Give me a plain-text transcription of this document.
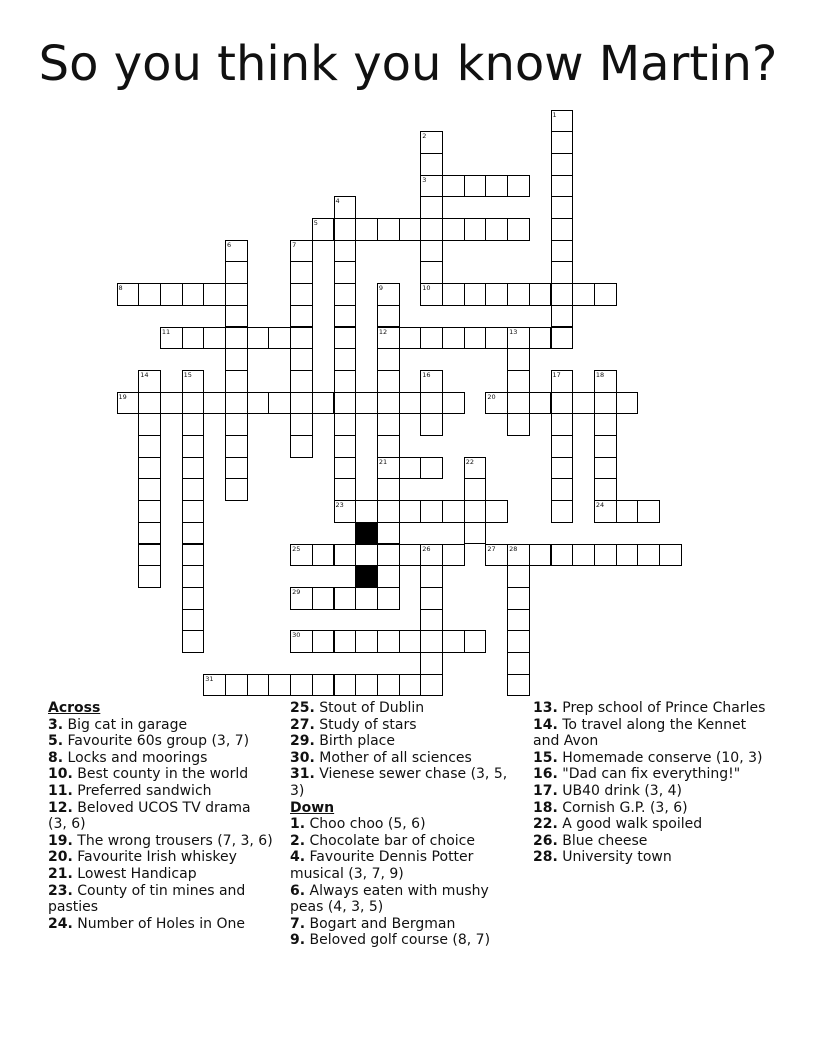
So you think you know Martin?
1
2
3
4
5
6	7
8	9	10
11	12	13
14	15	16	17	18
19	20
21	22
23	24
25	26	27 28
29
30
31
Across
3. Big cat in garage
5. Favourite 60s group (3, 7)
8. Locks and moorings
10. Best county in the world
11. Preferred sandwich
12. Beloved UCOS TV drama (3, 6)
19. The wrong trousers (7, 3, 6)
20. Favourite Irish whiskey
21. Lowest Handicap
23. County of tin mines and pasties
24. Number of Holes in One
25. Stout of Dublin
27. Study of stars
29. Birth place
30. Mother of all sciences
31. Vienese sewer chase (3, 5, 3)
Down
1. Choo choo (5, 6)
2. Chocolate bar of choice
4. Favourite Dennis Potter musical (3, 7, 9)
6. Always eaten with mushy peas (4, 3, 5)
7. Bogart and Bergman
9. Beloved golf course (8, 7)
13. Prep school of Prince Charles
14. To travel along the Kennet and Avon
15. Homemade conserve (10, 3)
16. "Dad can fix everything!"
17. UB40 drink (3, 4)
18. Cornish G.P. (3, 6)
22. A good walk spoiled
26. Blue cheese
28. University town
